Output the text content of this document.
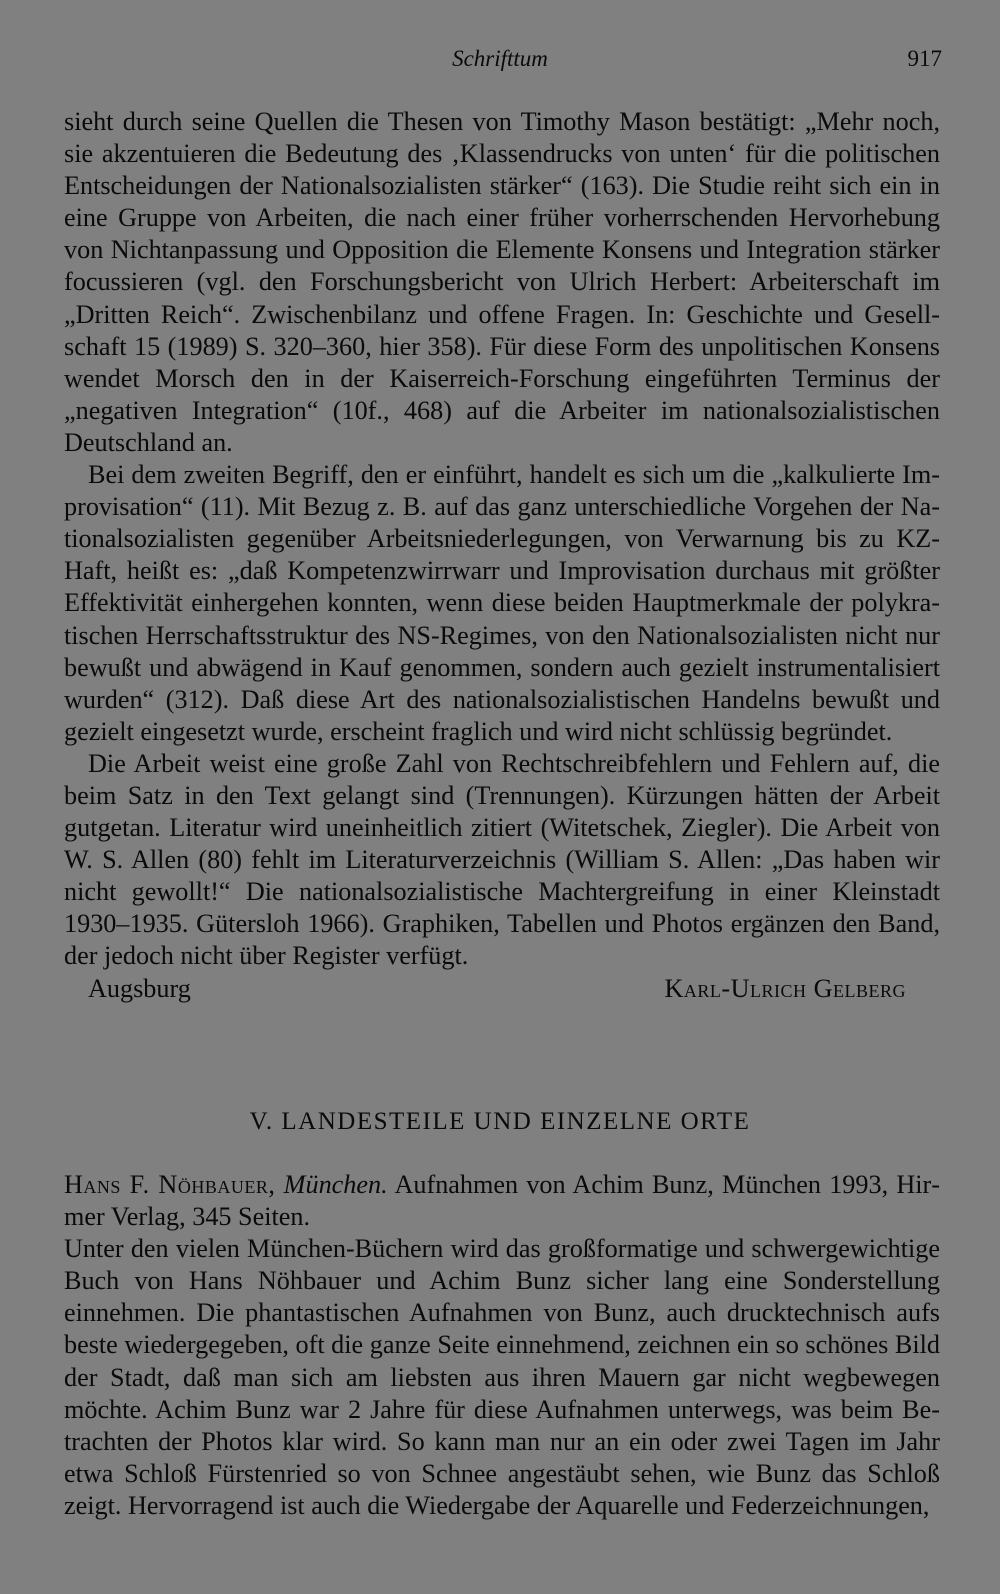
Schrifttum	917

sieht durch seine Quellen die Thesen von Timothy Mason bestätigt: „Mehr noch, sie akzentuieren die Bedeutung des ‚Klassendrucks von unten‘ für die politischen Entscheidungen der Nationalsozialisten stärker“ (163). Die Studie reiht sich ein in eine Gruppe von Arbeiten, die nach einer früher vorherrschenden Hervorhebung von Nichtanpassung und Opposition die Elemente Konsens und Integration stärker focussieren (vgl. den Forschungsbericht von Ulrich Herbert: Arbeiterschaft im „Dritten Reich“. Zwischenbilanz und offene Fragen. In: Geschichte und Gesellschaft 15 (1989) S. 320–360, hier 358). Für diese Form des unpolitischen Konsens wendet Morsch den in der Kaiserreich-Forschung eingeführten Terminus der „negativen Integration“ (10f., 468) auf die Arbeiter im nationalsozialistischen Deutschland an.

Bei dem zweiten Begriff, den er einführt, handelt es sich um die „kalkulierte Improvisation“ (11). Mit Bezug z. B. auf das ganz unterschiedliche Vorgehen der Nationalsozialisten gegenüber Arbeitsniederlegungen, von Verwarnung bis zu KZ-Haft, heißt es: „daß Kompetenzwirrwarr und Improvisation durchaus mit größter Effektivität einhergehen konnten, wenn diese beiden Hauptmerkmale der polykratischen Herrschaftsstruktur des NS-Regimes, von den Nationalsozialisten nicht nur bewußt und abwägend in Kauf genommen, sondern auch gezielt instrumentalisiert wurden“ (312). Daß diese Art des nationalsozialistischen Handelns bewußt und gezielt eingesetzt wurde, erscheint fraglich und wird nicht schlüssig begründet.

Die Arbeit weist eine große Zahl von Rechtschreibfehlern und Fehlern auf, die beim Satz in den Text gelangt sind (Trennungen). Kürzungen hätten der Arbeit gutgetan. Literatur wird uneinheitlich zitiert (Witetschek, Ziegler). Die Arbeit von W. S. Allen (80) fehlt im Literaturverzeichnis (William S. Allen: „Das haben wir nicht gewollt!“ Die nationalsozialistische Machtergreifung in einer Kleinstadt 1930–1935. Gütersloh 1966). Graphiken, Tabellen und Photos ergänzen den Band, der jedoch nicht über Register verfügt.

Augsburg	Karl-Ulrich Gelberg
V. LANDESTEILE UND EINZELNE ORTE

Hans F. Nöhbauer, München. Aufnahmen von Achim Bunz, München 1993, Hirmer Verlag, 345 Seiten.

Unter den vielen München-Büchern wird das großformatige und schwergewichtige Buch von Hans Nöhbauer und Achim Bunz sicher lang eine Sonderstellung einnehmen. Die phantastischen Aufnahmen von Bunz, auch drucktechnisch aufs beste wiedergegeben, oft die ganze Seite einnehmend, zeichnen ein so schönes Bild der Stadt, daß man sich am liebsten aus ihren Mauern gar nicht wegbewegen möchte. Achim Bunz war 2 Jahre für diese Aufnahmen unterwegs, was beim Betrachten der Photos klar wird. So kann man nur an ein oder zwei Tagen im Jahr etwa Schloß Fürstenried so von Schnee angestäubt sehen, wie Bunz das Schloß zeigt. Hervorragend ist auch die Wiedergabe der Aquarelle und Federzeichnungen,
